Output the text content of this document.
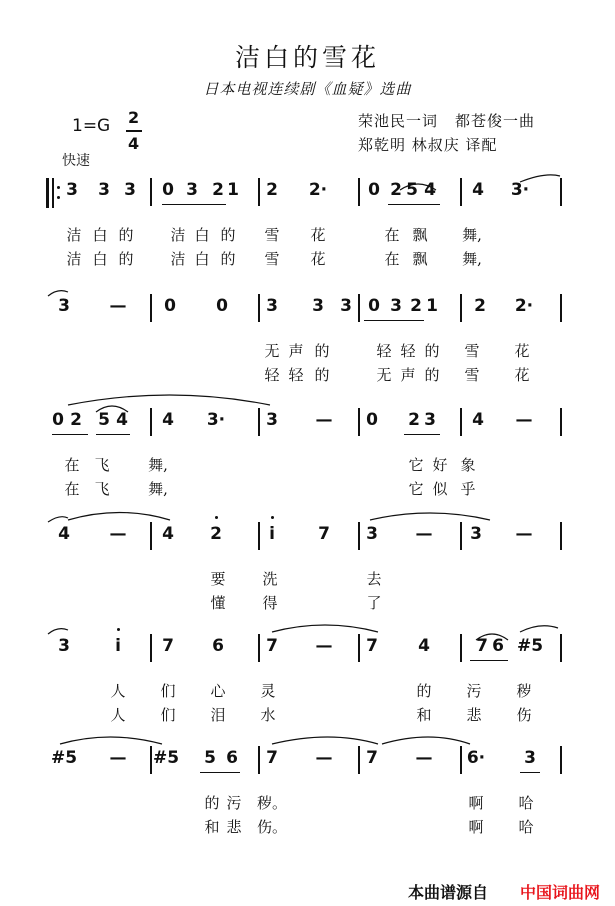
洁白的雪花
日本电视连续剧《血疑》选曲
荣池民一词 都苍俊一曲
郑乾明 林叔庆 译配
1=G 2
4
快速
3 3 3 0 3 2 1 2 2· 0 2 5 4 4 3·
洁 白 的 洁 白 的 雪 花	在 飘 舞,
洁 白 的 洁 白 的 雪 花	在 飘 舞,
3 — 0 0 3 3 3 0 3 2 1 2 2·
无 声 的	轻 轻 的 雪 花
轻 轻 的	无 声 的 雪 花
0 2 5 4 4 3· 3 — 0 2 3 4 —
在 飞	舞,	它 好 象
在 飞	舞,	它 似 乎
4 — 4 2	i	7 3 — 3 —
要 洗	去
懂 得	了
3	i 7 6 7 — 7 4	7 6 #5
人 们 心 灵	的 污 秽
人 们 泪 水	和 悲 伤
#5 — #5 5 6 7 — 7 — 6· 3
的 污 秽。	啊 哈
和 悲 伤。	啊 哈
本曲谱源自 中国词曲网
